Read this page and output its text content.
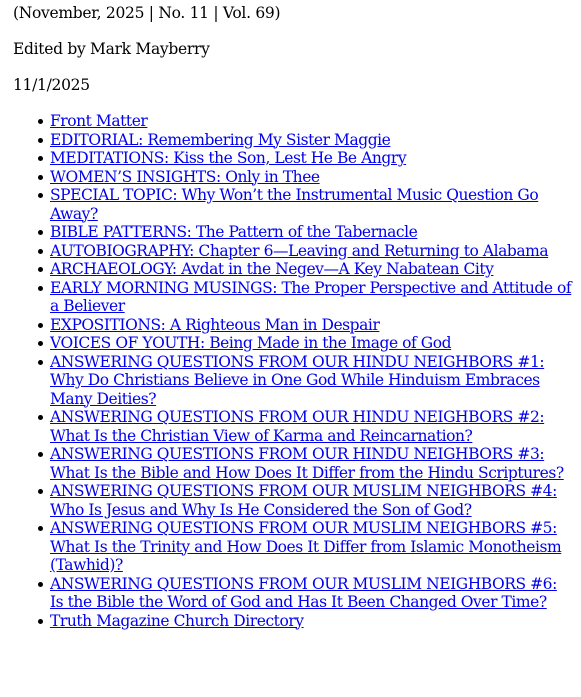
(November, 2025 | No. 11 | Vol. 69)

Edited by Mark Mayberry

11/1/2025

Front Matter
EDITORIAL: Remembering My Sister Maggie
MEDITATIONS: Kiss the Son, Lest He Be Angry
WOMEN’S INSIGHTS: Only in Thee
SPECIAL TOPIC: Why Won’t the Instrumental Music Question Go Away?
BIBLE PATTERNS: The Pattern of the Tabernacle
AUTOBIOGRAPHY: Chapter 6—Leaving and Returning to Alabama
ARCHAEOLOGY: Avdat in the Negev—A Key Nabatean City
EARLY MORNING MUSINGS: The Proper Perspective and Attitude of a Believer
EXPOSITIONS: A Righteous Man in Despair
VOICES OF YOUTH: Being Made in the Image of God
ANSWERING QUESTIONS FROM OUR HINDU NEIGHBORS #1: Why Do Christians Believe in One God While Hinduism Embraces Many Deities?
ANSWERING QUESTIONS FROM OUR HINDU NEIGHBORS #2: What Is the Christian View of Karma and Reincarnation?
ANSWERING QUESTIONS FROM OUR HINDU NEIGHBORS #3: What Is the Bible and How Does It Differ from the Hindu Scriptures?
ANSWERING QUESTIONS FROM OUR MUSLIM NEIGHBORS #4: Who Is Jesus and Why Is He Considered the Son of God?
ANSWERING QUESTIONS FROM OUR MUSLIM NEIGHBORS #5: What Is the Trinity and How Does It Differ from Islamic Monotheism (Tawhid)?
ANSWERING QUESTIONS FROM OUR MUSLIM NEIGHBORS #6: Is the Bible the Word of God and Has It Been Changed Over Time?
Truth Magazine Church Directory
